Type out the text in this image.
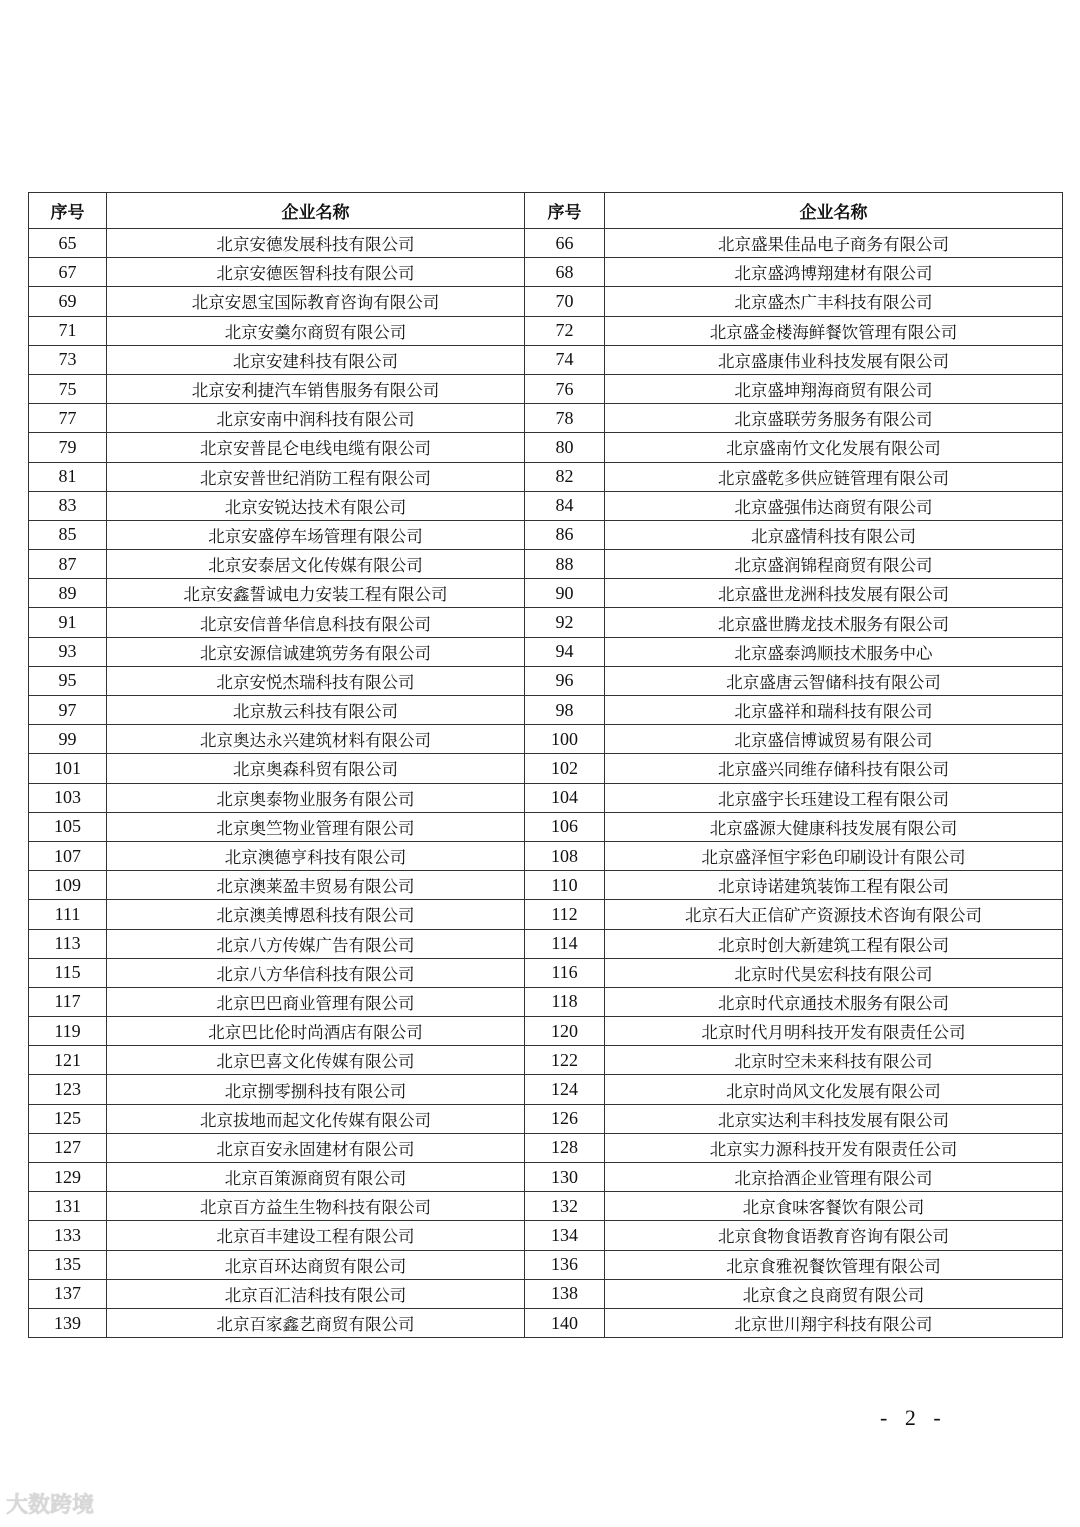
序号	企业名称	序号	企业名称
65	北京安德发展科技有限公司	66	北京盛果佳品电子商务有限公司
67	北京安德医智科技有限公司	68	北京盛鸿博翔建材有限公司
69	北京安恩宝国际教育咨询有限公司	70	北京盛杰广丰科技有限公司
71	北京安羹尔商贸有限公司	72	北京盛金楼海鲜餐饮管理有限公司
73	北京安建科技有限公司	74	北京盛康伟业科技发展有限公司
75	北京安利捷汽车销售服务有限公司	76	北京盛坤翔海商贸有限公司
77	北京安南中润科技有限公司	78	北京盛联劳务服务有限公司
79	北京安普昆仑电线电缆有限公司	80	北京盛南竹文化发展有限公司
81	北京安普世纪消防工程有限公司	82	北京盛乾多供应链管理有限公司
83	北京安锐达技术有限公司	84	北京盛强伟达商贸有限公司
85	北京安盛停车场管理有限公司	86	北京盛情科技有限公司
87	北京安泰居文化传媒有限公司	88	北京盛润锦程商贸有限公司
89	北京安鑫誓诚电力安装工程有限公司	90	北京盛世龙洲科技发展有限公司
91	北京安信普华信息科技有限公司	92	北京盛世腾龙技术服务有限公司
93	北京安源信诚建筑劳务有限公司	94	北京盛泰鸿顺技术服务中心
95	北京安悦杰瑞科技有限公司	96	北京盛唐云智储科技有限公司
97	北京敖云科技有限公司	98	北京盛祥和瑞科技有限公司
99	北京奥达永兴建筑材料有限公司	100	北京盛信博诚贸易有限公司
101	北京奥森科贸有限公司	102	北京盛兴同维存储科技有限公司
103	北京奥泰物业服务有限公司	104	北京盛宇长珏建设工程有限公司
105	北京奥竺物业管理有限公司	106	北京盛源大健康科技发展有限公司
107	北京澳德亨科技有限公司	108	北京盛泽恒宇彩色印刷设计有限公司
109	北京澳莱盈丰贸易有限公司	110	北京诗诺建筑装饰工程有限公司
111	北京澳美博恩科技有限公司	112	北京石大正信矿产资源技术咨询有限公司
113	北京八方传媒广告有限公司	114	北京时创大新建筑工程有限公司
115	北京八方华信科技有限公司	116	北京时代昊宏科技有限公司
117	北京巴巴商业管理有限公司	118	北京时代京通技术服务有限公司
119	北京巴比伦时尚酒店有限公司	120	北京时代月明科技开发有限责任公司
121	北京巴喜文化传媒有限公司	122	北京时空未来科技有限公司
123	北京捌零捌科技有限公司	124	北京时尚风文化发展有限公司
125	北京拔地而起文化传媒有限公司	126	北京实达利丰科技发展有限公司
127	北京百安永固建材有限公司	128	北京实力源科技开发有限责任公司
129	北京百策源商贸有限公司	130	北京拾酒企业管理有限公司
131	北京百方益生生物科技有限公司	132	北京食味客餐饮有限公司
133	北京百丰建设工程有限公司	134	北京食物食语教育咨询有限公司
135	北京百环达商贸有限公司	136	北京食雅祝餐饮管理有限公司
137	北京百汇洁科技有限公司	138	北京食之良商贸有限公司
139	北京百家鑫艺商贸有限公司	140	北京世川翔宇科技有限公司
- 2 -
大数跨境
